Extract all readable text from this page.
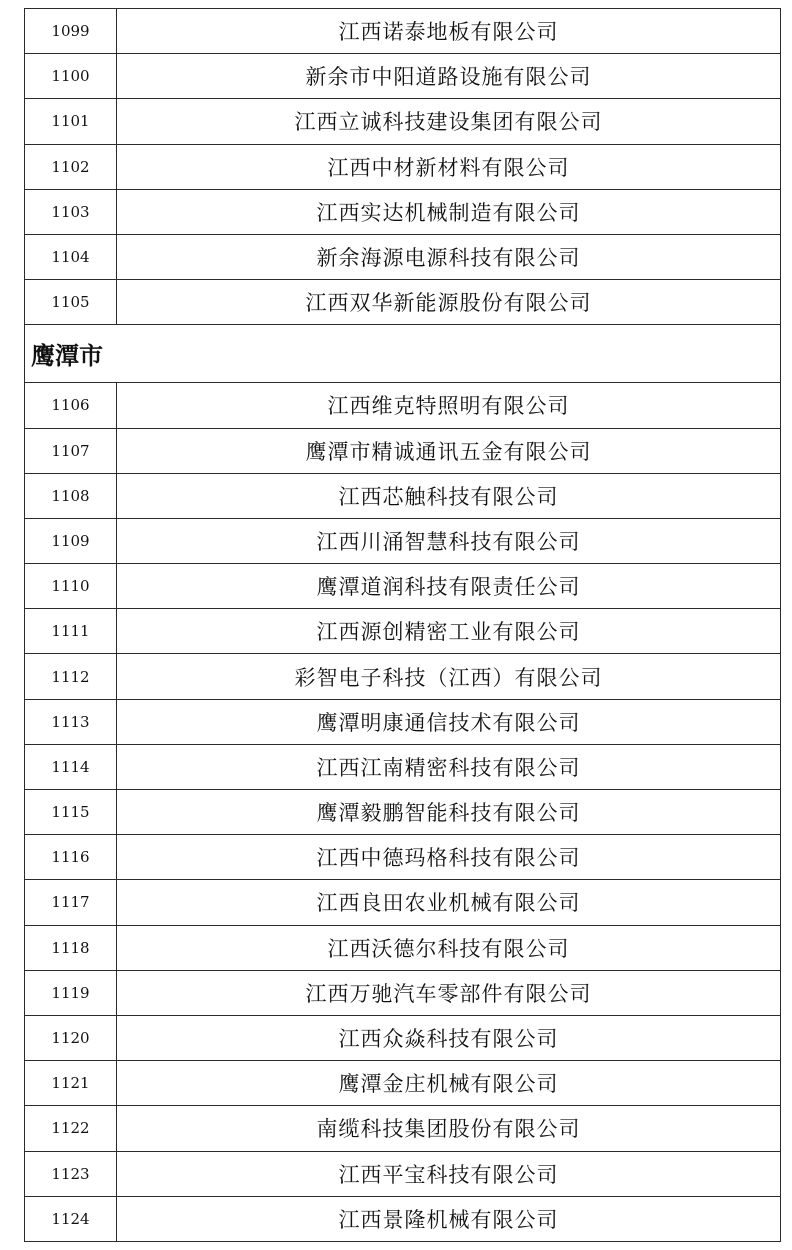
1099	江西诺泰地板有限公司
1100	新余市中阳道路设施有限公司
1101	江西立诚科技建设集团有限公司
1102	江西中材新材料有限公司
1103	江西实达机械制造有限公司
1104	新余海源电源科技有限公司
1105	江西双华新能源股份有限公司
鹰潭市	
1106	江西维克特照明有限公司
1107	鹰潭市精诚通讯五金有限公司
1108	江西芯触科技有限公司
1109	江西川涌智慧科技有限公司
1110	鹰潭道润科技有限责任公司
1111	江西源创精密工业有限公司
1112	彩智电子科技（江西）有限公司
1113	鹰潭明康通信技术有限公司
1114	江西江南精密科技有限公司
1115	鹰潭毅鹏智能科技有限公司
1116	江西中德玛格科技有限公司
1117	江西良田农业机械有限公司
1118	江西沃德尔科技有限公司
1119	江西万驰汽车零部件有限公司
1120	江西众焱科技有限公司
1121	鹰潭金庄机械有限公司
1122	南缆科技集团股份有限公司
1123	江西平宝科技有限公司
1124	江西景隆机械有限公司
